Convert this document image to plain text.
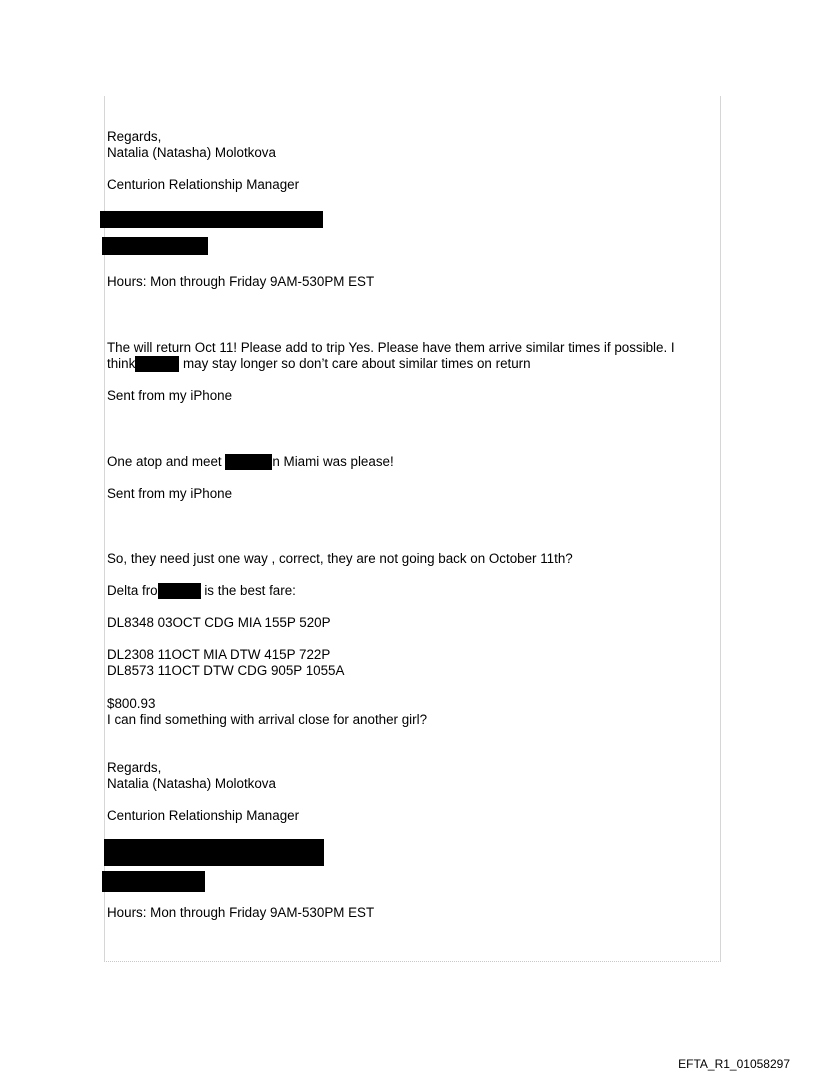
Regards,
Natalia (Natasha) Molotkova
Centurion Relationship Manager
Hours: Mon through Friday 9AM-530PM EST
The will return Oct 11! Please add to trip Yes. Please have them arrive similar times if possible. I
think	may stay longer so don’t care about similar times on return
Sent from my iPhone
One atop and meet	n Miami was please!
Sent from my iPhone
So, they need just one way , correct, they are not going back on October 11th?
Delta fro	is the best fare:
DL8348 03OCT CDG MIA 155P 520P
DL2308 11OCT MIA DTW 415P 722P
DL8573 11OCT DTW CDG 905P 1055A
$800.93
I can find something with arrival close for another girl?
Regards,
Natalia (Natasha) Molotkova
Centurion Relationship Manager
Hours: Mon through Friday 9AM-530PM EST
EFTA_R1_01058297
